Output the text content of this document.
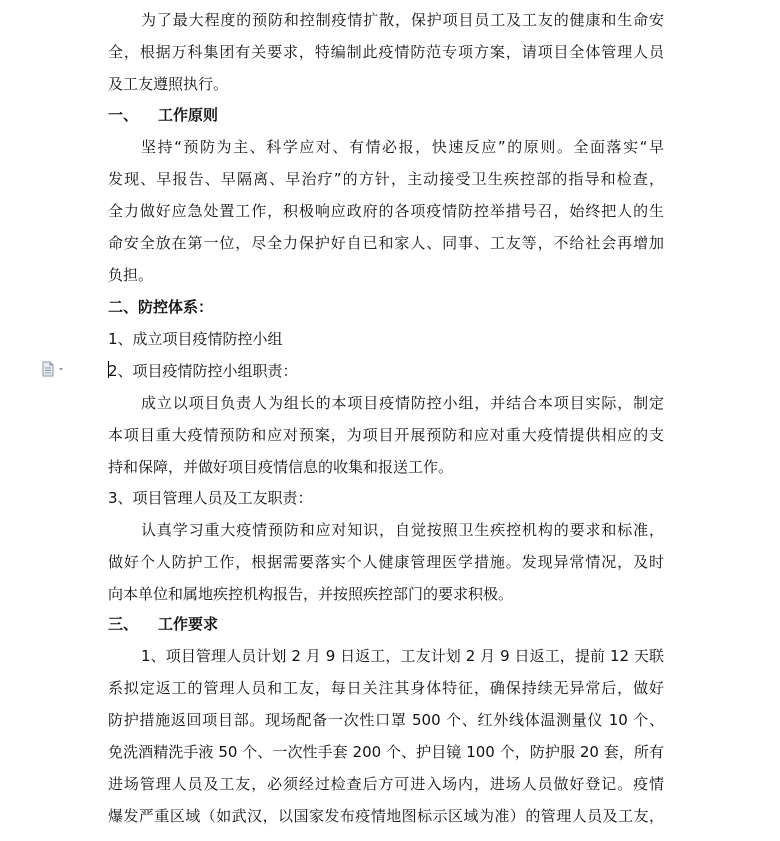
为了最大程度的预防和控制疫情扩散，保护项目员工及工友的健康和生命安
全，根据万科集团有关要求，特编制此疫情防范专项方案，请项目全体管理人员
及工友遵照执行。
一、 工作原则
坚持“预防为主、科学应对、有情必报，快速反应”的原则。全面落实“早
发现、早报告、早隔离、早治疗”的方针，主动接受卫生疾控部的指导和检查，
全力做好应急处置工作，积极响应政府的各项疫情防控举措号召，始终把人的生
命安全放在第一位，尽全力保护好自已和家人、同事、工友等，不给社会再增加
负担。
二、防控体系：
1、成立项目疫情防控小组
2、项目疫情防控小组职责：
成立以项目负责人为组长的本项目疫情防控小组，并结合本项目实际，制定
本项目重大疫情预防和应对预案，为项目开展预防和应对重大疫情提供相应的支
持和保障，并做好项目疫情信息的收集和报送工作。
3、项目管理人员及工友职责：
认真学习重大疫情预防和应对知识，自觉按照卫生疾控机构的要求和标准，
做好个人防护工作，根据需要落实个人健康管理医学措施。发现异常情况，及时
向本单位和属地疾控机构报告，并按照疾控部门的要求积极。
三、 工作要求
1、项目管理人员计划 2 月 9 日返工，工友计划 2 月 9 日返工，提前 12 天联
系拟定返工的管理人员和工友，每日关注其身体特征，确保持续无异常后，做好
防护措施返回项目部。现场配备一次性口罩 500 个、红外线体温测量仪 10 个、
免洗酒精洗手液 50 个、一次性手套 200 个、护目镜 100 个，防护服 20 套，所有
进场管理人员及工友，必须经过检查后方可进入场内，进场人员做好登记。疫情
爆发严重区域（如武汉，以国家发布疫情地图标示区域为准）的管理人员及工友，
